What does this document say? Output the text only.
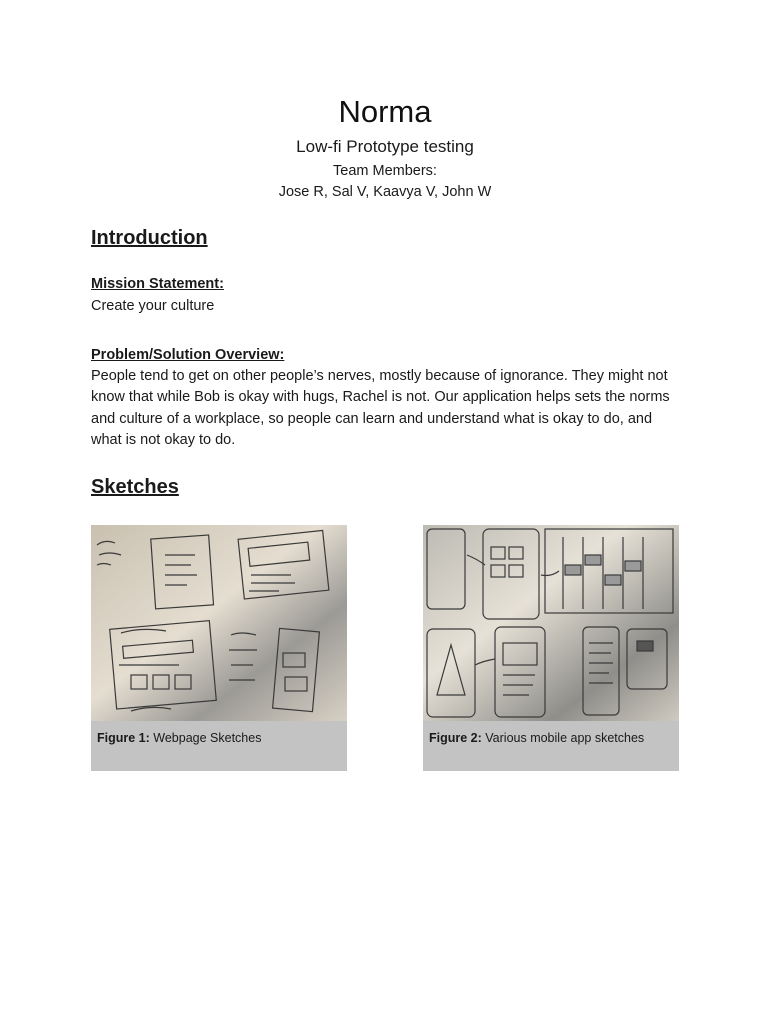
Norma
Low-fi Prototype testing
Team Members:
Jose R, Sal V, Kaavya V, John W
Introduction
Mission Statement:
Create your culture
Problem/Solution Overview:
People tend to get on other people’s nerves, mostly because of ignorance. They might not know that while Bob is okay with hugs, Rachel is not. Our application helps sets the norms and culture of a workplace, so people can learn and understand what is okay to do, and what is not okay to do.
Sketches
Figure 1: Webpage Sketches	Figure 2: Various mobile app sketches
